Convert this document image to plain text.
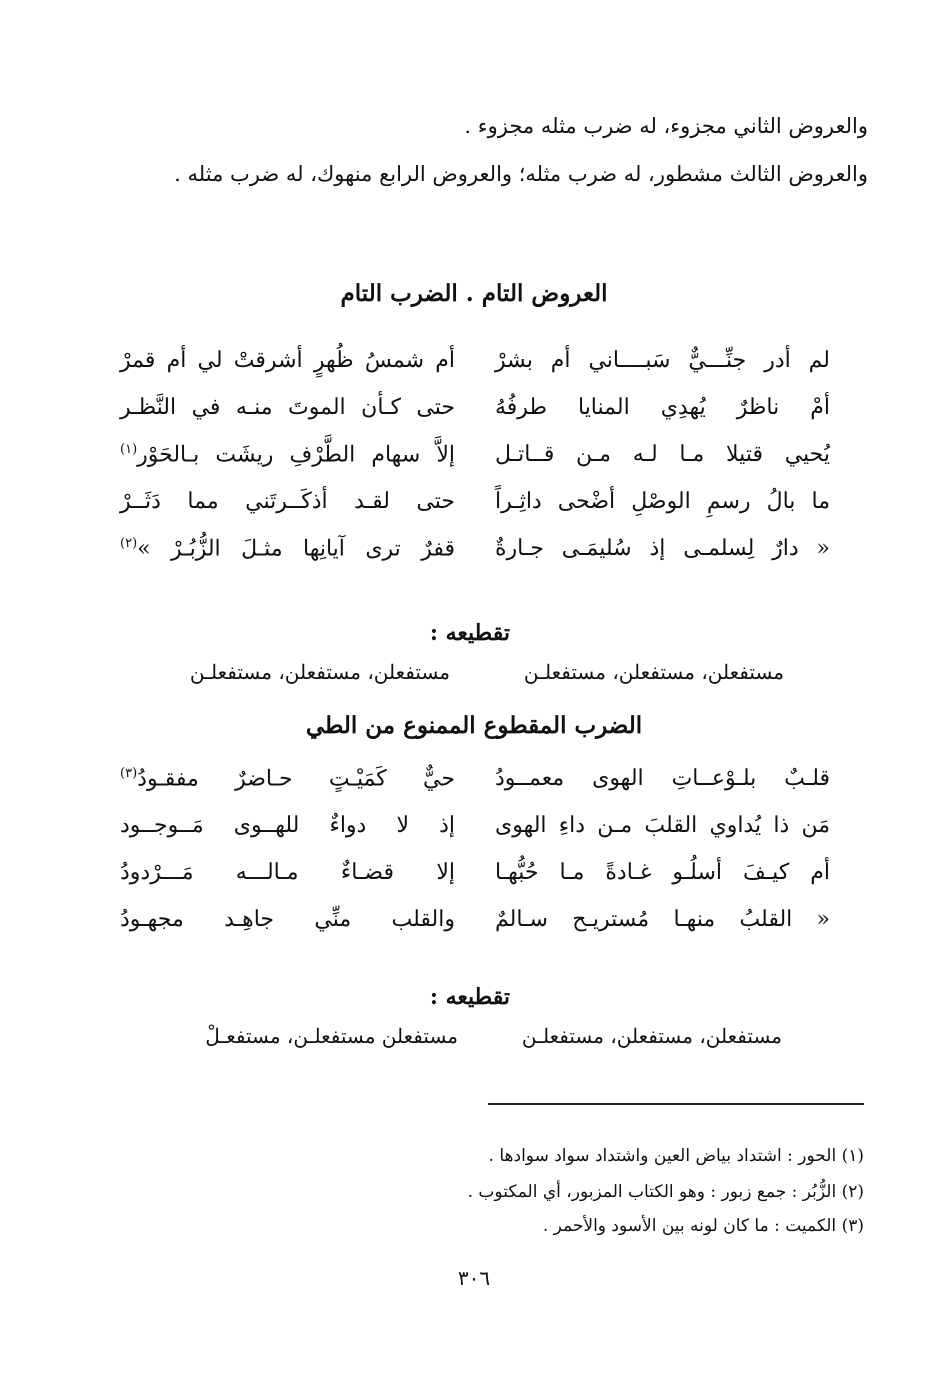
والعروض الثاني مجزوء، له ضرب مثله مجزوء .
والعروض الثالث مشطور، له ضرب مثله؛ والعروض الرابع منهوك، له ضرب مثله .
العروض التام . الضرب التام
لم أدر جنِّـــيٌّ سَبــــاني أم بشرْ
أم شمسُ ظُهرٍ أشرقتْ لي أم قمرْ
أمْ ناظرٌ يُهدِي المنايا طرفُهُ
حتى كـأن الموتَ منـه في النَّظـر
يُحيي قتيلا مـا لـه مـن قــاتـل
إلاَّ سهام الطَّرْفِ ريشَت بـالحَوْر$^{(١)}$
ما بالُ رسمِ الوصْلِ أضْحى داثِـراً
حتى لقـد أذكَــرتَني مما دَثَــرْ
« دارٌ لِسلمـى إذ سُليمَـى جـارةٌ
قفرٌ ترى آيانِها مثـلَ الزُّبُـرْ »$^{(٢)}$
تقطيعه :
مستفعلن، مستفعلن، مستفعلـن
مستفعلن، مستفعلن، مستفعلـن
الضرب المقطوع الممنوع من الطي
قلـبٌ بلـوْعــاتِ الهوى معمــودُ
حيٌّ كَمَيْـتٍ حـاضرٌ مفقـودُ$^{(٣)}$
مَن ذا يُداوي القلبَ مـن داءِ الهوى
إذ لا دواءٌ للهــوى مَــوجــود
أم كيـفَ أسلُـو غـادةً مـا حُبُّهـا
إلا قضـاءٌ مـالـــه مَـــرْدودُ
« القلبُ منهـا مُستريـح سـالمٌ
والقلب منِّي جاهِـد مجهـودُ
تقطيعه :
مستفعلن، مستفعلن، مستفعلـن
مستفعلن مستفعلـن، مستفعـلْ
(١) الحور : اشتداد بياض العين واشتداد سواد سوادها .
(٢) الزُّبُر : جمع زبور : وهو الكتاب المزبور، أي المكتوب .
(٣) الكميت : ما كان لونه بين الأسود والأحمر .
٣٠٦
